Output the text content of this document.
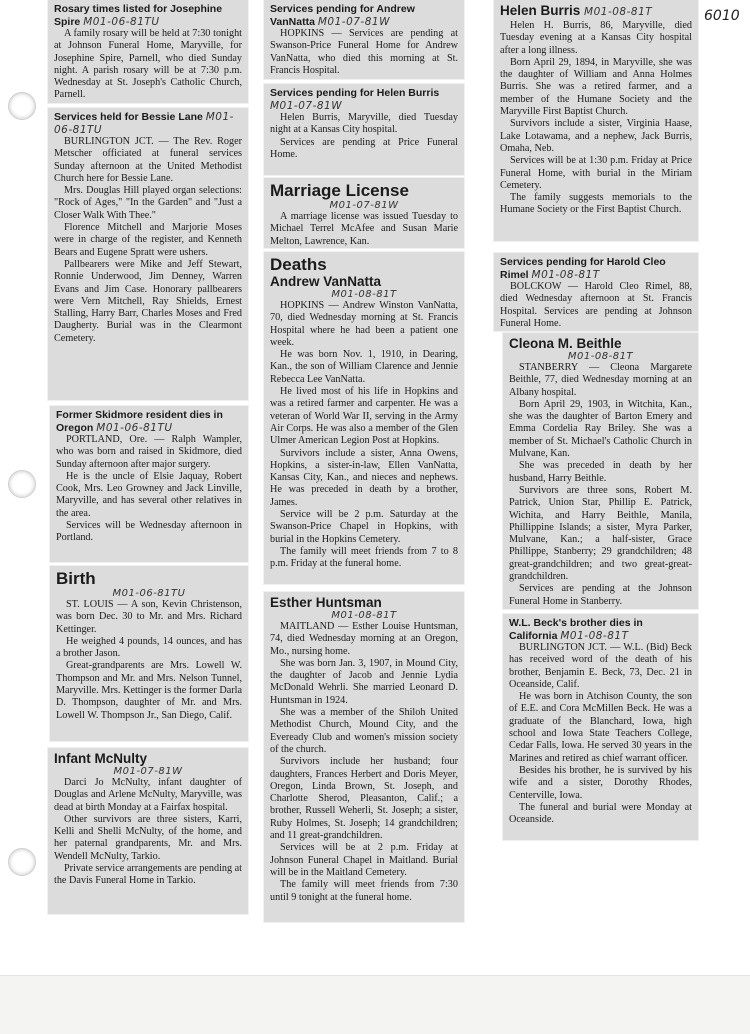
6010
Rosary times listed for Josephine Spire M01-06-81TU

A family rosary will be held at 7:30 tonight at Johnson Funeral Home, Maryville, for Josephine Spire, Parnell, who died Sunday night. A parish rosary will be at 7:30 p.m. Wednesday at St. Joseph's Catholic Church, Parnell.

Services held for Bessie Lane M01-06-81TU

BURLINGTON JCT. — The Rev. Roger Metscher officiated at funeral services Sunday afternoon at the United Methodist Church here for Bessie Lane.

Mrs. Douglas Hill played organ selections: "Rock of Ages," "In the Garden" and "Just a Closer Walk With Thee."

Florence Mitchell and Marjorie Moses were in charge of the register, and Kenneth Bears and Eugene Spratt were ushers.

Pallbearers were Mike and Jeff Stewart, Ronnie Underwood, Jim Denney, Warren Evans and Jim Case. Honorary pallbearers were Vern Mitchell, Ray Shields, Ernest Stalling, Harry Barr, Charles Moses and Fred Daugherty. Burial was in the Clearmont Cemetery.

Former Skidmore resident dies in Oregon M01-06-81TU

PORTLAND, Ore. — Ralph Wampler, who was born and raised in Skidmore, died Sunday afternoon after major surgery.

He is the uncle of Elsie Jaquay, Robert Cook, Mrs. Leo Growney and Jack Linville, Maryville, and has several other relatives in the area.

Services will be Wednesday afternoon in Portland.

Birth
M01-06-81TU

ST. LOUIS — A son, Kevin Christenson, was born Dec. 30 to Mr. and Mrs. Richard Kettinger.

He weighed 4 pounds, 14 ounces, and has a brother Jason.

Great-grandparents are Mrs. Lowell W. Thompson and Mr. and Mrs. Nelson Tunnel, Maryville. Mrs. Kettinger is the former Darla D. Thompson, daughter of Mr. and Mrs. Lowell W. Thompson Jr., San Diego, Calif.

Infant McNulty
M01-07-81W

Darci Jo McNulty, infant daughter of Douglas and Arlene McNulty, Maryville, was dead at birth Monday at a Fairfax hospital.

Other survivors are three sisters, Karri, Kelli and Shelli McNulty, of the home, and her paternal grandparents, Mr. and Mrs. Wendell McNulty, Tarkio.

Private service arrangements are pending at the Davis Funeral Home in Tarkio.

Services pending for Andrew VanNatta M01-07-81W

HOPKINS — Services are pending at Swanson-Price Funeral Home for Andrew VanNatta, who died this morning at St. Francis Hospital.

Services pending for Helen Burris M01-07-81W

Helen Burris, Maryville, died Tuesday night at a Kansas City hospital.

Services are pending at Price Funeral Home.

Marriage License
M01-07-81W

A marriage license was issued Tuesday to Michael Terrel McAfee and Susan Marie Melton, Lawrence, Kan.

Deaths
Andrew VanNatta
M01-08-81T

HOPKINS — Andrew Winston VanNatta, 70, died Wednesday morning at St. Francis Hospital where he had been a patient one week.

He was born Nov. 1, 1910, in Dearing, Kan., the son of William Clarence and Jennie Rebecca Lee VanNatta.

He lived most of his life in Hopkins and was a retired farmer and carpenter. He was a veteran of World War II, serving in the Army Air Corps. He was also a member of the Glen Ulmer American Legion Post at Hopkins.

Survivors include a sister, Anna Owens, Hopkins, a sister-in-law, Ellen VanNatta, Kansas City, Kan., and nieces and nephews. He was preceded in death by a brother, James.

Service will be 2 p.m. Saturday at the Swanson-Price Chapel in Hopkins, with burial in the Hopkins Cemetery.

The family will meet friends from 7 to 8 p.m. Friday at the funeral home.

Esther Huntsman
M01-08-81T

MAITLAND — Esther Louise Huntsman, 74, died Wednesday morning at an Oregon, Mo., nursing home.

She was born Jan. 3, 1907, in Mound City, the daughter of Jacob and Jennie Lydia McDonald Wehrli. She married Leonard D. Huntsman in 1924.

She was a member of the Shiloh United Methodist Church, Mound City, and the Eveready Club and women's mission society of the church.

Survivors include her husband; four daughters, Frances Herbert and Doris Meyer, Oregon, Linda Brown, St. Joseph, and Charlotte Sherod, Pleasanton, Calif.; a brother, Russell Weherli, St. Joseph; a sister, Ruby Holmes, St. Joseph; 14 grandchildren; and 11 great-grandchildren.

Services will be at 2 p.m. Friday at Johnson Funeral Chapel in Maitland. Burial will be in the Maitland Cemetery.

The family will meet friends from 7:30 until 9 tonight at the funeral home.

Helen Burris M01-08-81T

Helen H. Burris, 86, Maryville, died Tuesday evening at a Kansas City hospital after a long illness.

Born April 29, 1894, in Maryville, she was the daughter of William and Anna Holmes Burris. She was a retired farmer, and a member of the Humane Society and the Maryville First Baptist Church.

Survivors include a sister, Virginia Haase, Lake Lotawama, and a nephew, Jack Burris, Omaha, Neb.

Services will be at 1:30 p.m. Friday at Price Funeral Home, with burial in the Miriam Cemetery.

The family suggests memorials to the Humane Society or the First Baptist Church.

Services pending for Harold Cleo Rimel M01-08-81T

BOLCKOW — Harold Cleo Rimel, 88, died Wednesday afternoon at St. Francis Hospital. Services are pending at Johnson Funeral Home.

Cleona M. Beithle
M01-08-81T

STANBERRY — Cleona Margarete Beithle, 77, died Wednesday morning at an Albany hospital.

Born April 29, 1903, in Witchita, Kan., she was the daughter of Barton Emery and Emma Cordelia Ray Briley. She was a member of St. Michael's Catholic Church in Mulvane, Kan.

She was preceded in death by her husband, Harry Beithle.

Survivors are three sons, Robert M. Patrick, Union Star, Phillip E. Patrick, Wichita, and Harry Beithle, Manila, Phillippine Islands; a sister, Myra Parker, Mulvane, Kan.; a half-sister, Grace Phillippe, Stanberry; 29 grandchildren; 48 great-grandchildren; and two great-great-grandchildren.

Services are pending at the Johnson Funeral Home in Stanberry.

W.L. Beck's brother dies in California M01-08-81T

BURLINGTON JCT. — W.L. (Bid) Beck has received word of the death of his brother, Benjamin E. Beck, 73, Dec. 21 in Oceanside, Calif.

He was born in Atchison County, the son of E.E. and Cora McMillen Beck. He was a graduate of the Blanchard, Iowa, high school and Iowa State Teachers College, Cedar Falls, Iowa. He served 30 years in the Marines and retired as chief warrant officer.

Besides his brother, he is survived by his wife and a sister, Dorothy Rhodes, Centerville, Iowa.

The funeral and burial were Monday at Oceanside.
